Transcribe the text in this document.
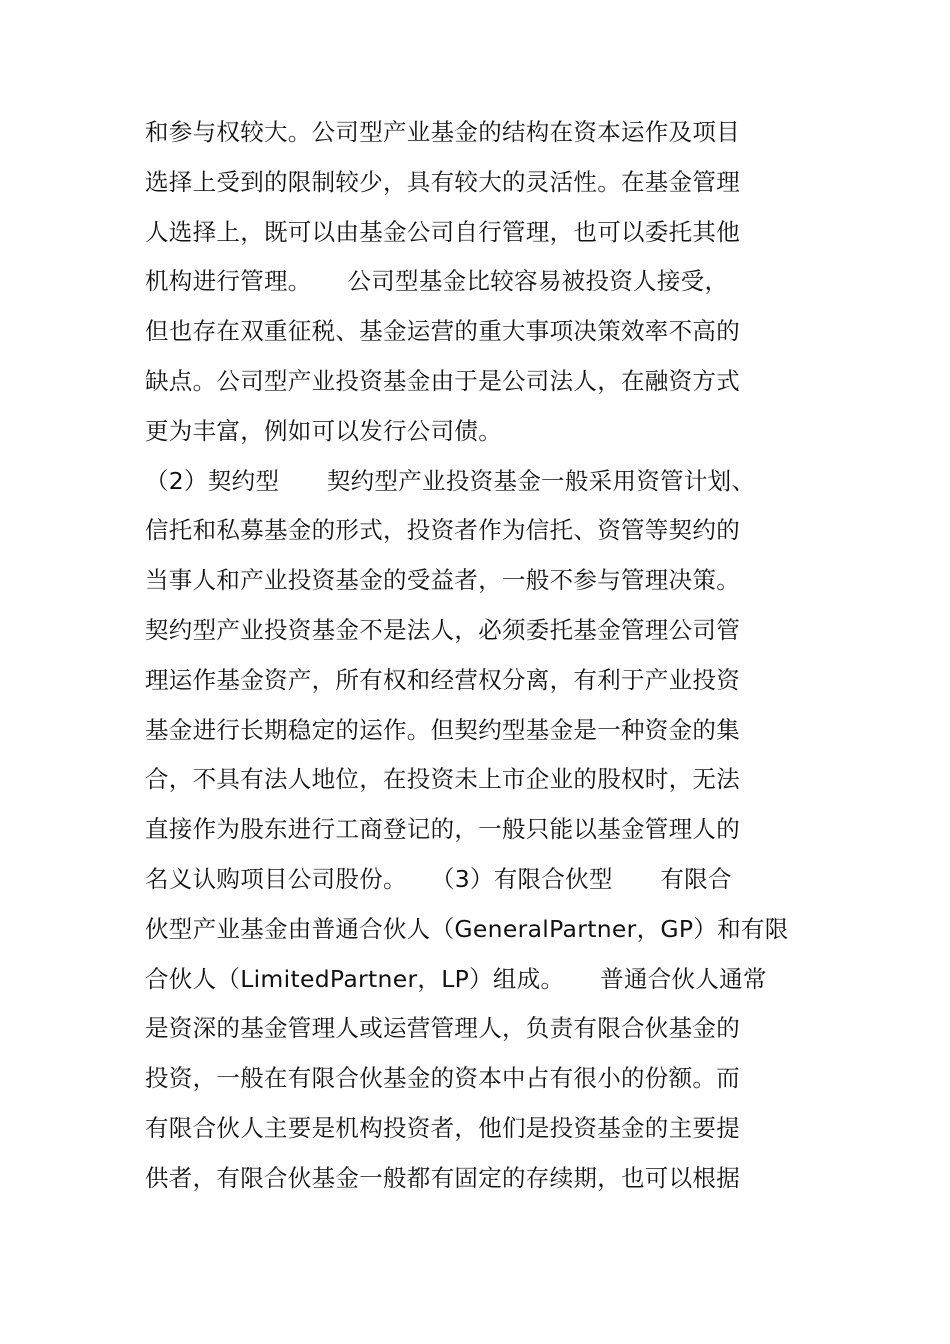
和参与权较大。公司型产业基金的结构在资本运作及项目
选择上受到的限制较少，具有较大的灵活性。在基金管理
人选择上，既可以由基金公司自行管理，也可以委托其他
机构进行管理。　　公司型基金比较容易被投资人接受，
但也存在双重征税、基金运营的重大事项决策效率不高的
缺点。公司型产业投资基金由于是公司法人，在融资方式
更为丰富，例如可以发行公司债。
（2）契约型　　契约型产业投资基金一般采用资管计划、
信托和私募基金的形式，投资者作为信托、资管等契约的
当事人和产业投资基金的受益者，一般不参与管理决策。
契约型产业投资基金不是法人，必须委托基金管理公司管
理运作基金资产，所有权和经营权分离，有利于产业投资
基金进行长期稳定的运作。但契约型基金是一种资金的集
合，不具有法人地位，在投资未上市企业的股权时，无法
直接作为股东进行工商登记的，一般只能以基金管理人的
名义认购项目公司股份。　　（3）有限合伙型　　有限合
伙型产业基金由普通合伙人（GeneralPartner，GP）和有限
合伙人（LimitedPartner，LP）组成。　　普通合伙人通常
是资深的基金管理人或运营管理人，负责有限合伙基金的
投资，一般在有限合伙基金的资本中占有很小的份额。而
有限合伙人主要是机构投资者，他们是投资基金的主要提
供者，有限合伙基金一般都有固定的存续期，也可以根据
